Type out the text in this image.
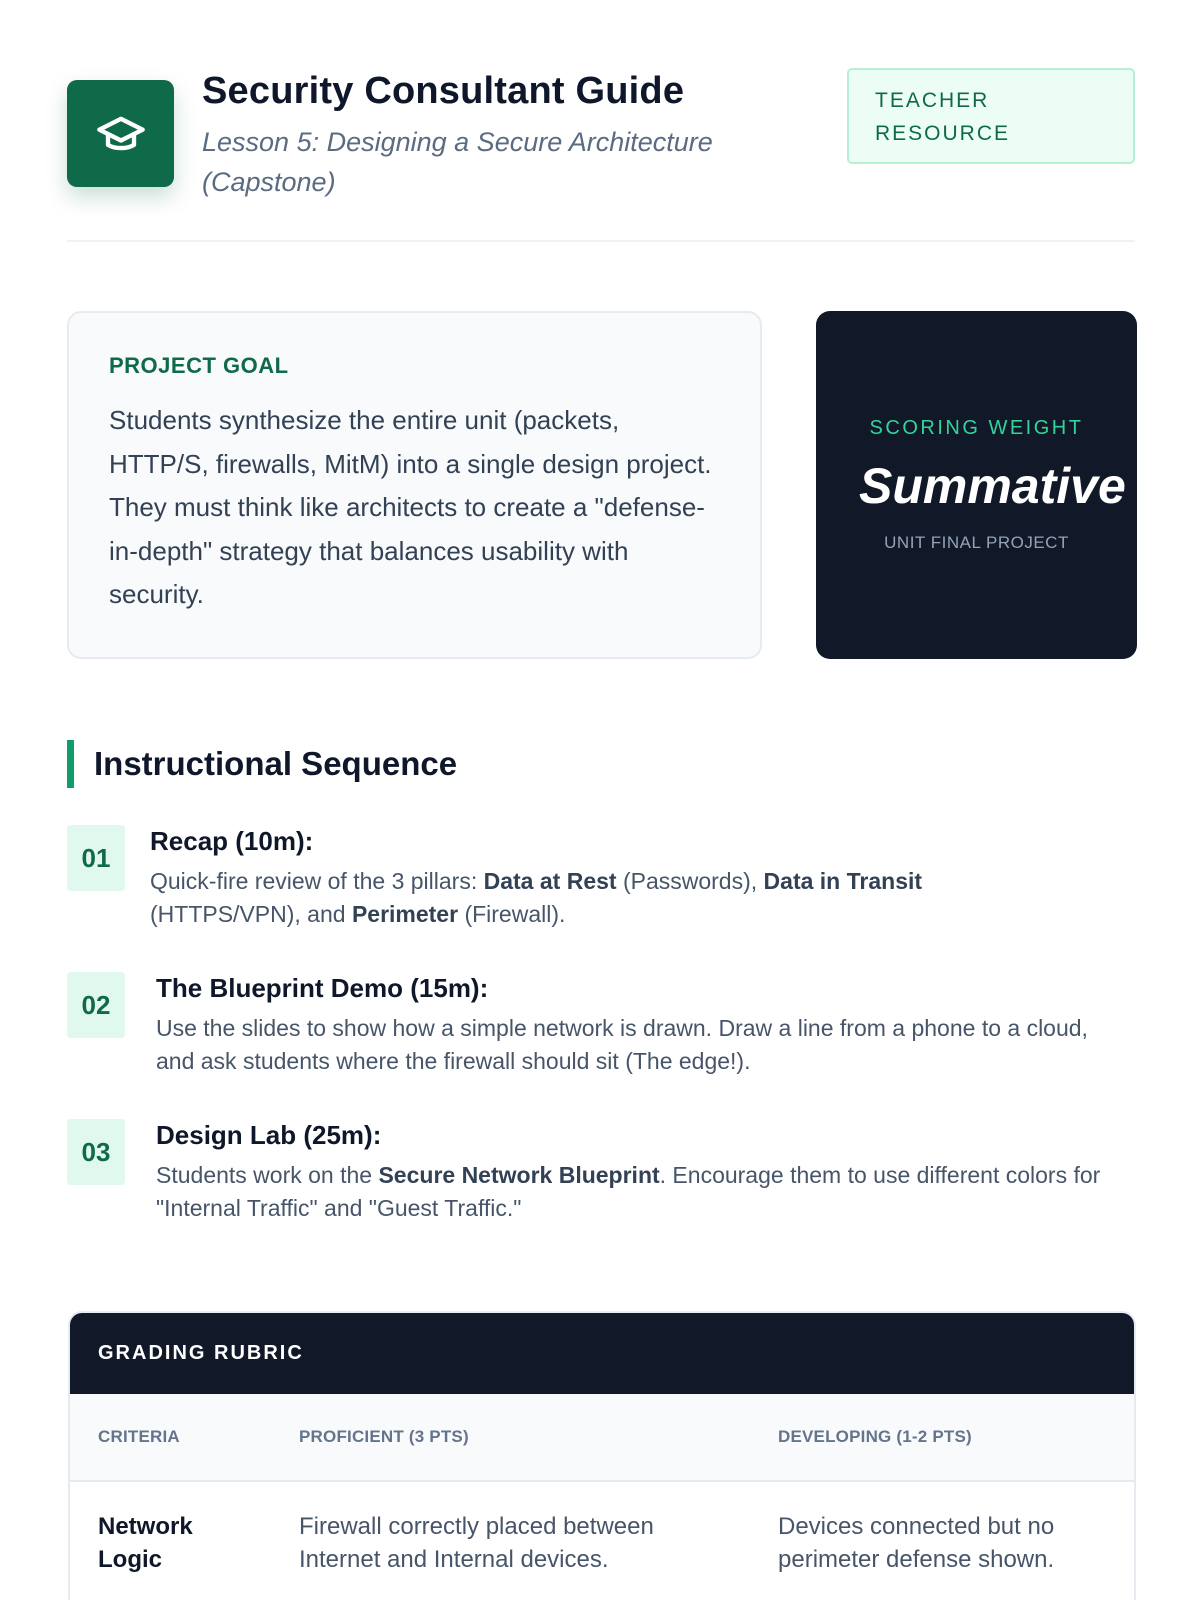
Security Consultant Guide
Lesson 5: Designing a Secure Architecture (Capstone)
TEACHER
RESOURCE
PROJECT GOAL
Students synthesize the entire unit (packets, HTTP/S, firewalls, MitM) into a single design project. They must think like architects to create a "defense-in-depth" strategy that balances usability with security.
SCORING WEIGHT
Summative
UNIT FINAL PROJECT
Instructional Sequence
01
Recap (10m):
Quick-fire review of the 3 pillars: Data at Rest (Passwords), Data in Transit (HTTPS/VPN), and Perimeter (Firewall).
02
The Blueprint Demo (15m):
Use the slides to show how a simple network is drawn. Draw a line from a phone to a cloud, and ask students where the firewall should sit (The edge!).
03
Design Lab (25m):
Students work on the Secure Network Blueprint. Encourage them to use different colors for "Internal Traffic" and "Guest Traffic."
GRADING RUBRIC
CRITERIA	PROFICIENT (3 PTS)	DEVELOPING (1-2 PTS)
Network Logic
Firewall correctly placed between Internet and Internal devices.
Devices connected but no perimeter defense shown.
